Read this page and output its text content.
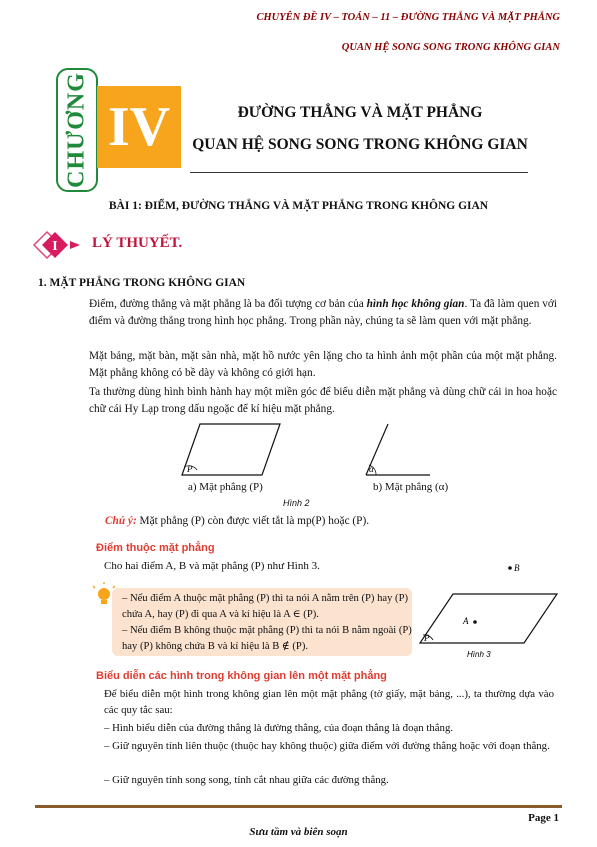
CHUYÊN ĐỀ IV – TOÁN – 11 – ĐƯỜNG THẲNG VÀ MẶT PHẲNG
QUAN HỆ SONG SONG TRONG KHÔNG GIAN
CHƯƠNG IV	ĐƯỜNG THẲNG VÀ MẶT PHẲNG
QUAN HỆ SONG SONG TRONG KHÔNG GIAN
BÀI 1: ĐIỂM, ĐƯỜNG THẲNG VÀ MẶT PHẲNG TRONG KHÔNG GIAN
I LÝ THUYẾT.
1. MẶT PHẲNG TRONG KHÔNG GIAN
Điểm, đường thẳng và mặt phẳng là ba đối tượng cơ bản của hình học không gian. Ta đã làm quen với điểm và đường thẳng trong hình học phẳng. Trong phần này, chúng ta sẽ làm quen với mặt phẳng.
Mặt bảng, mặt bàn, mặt sàn nhà, mặt hồ nước yên lặng cho ta hình ảnh một phần của một mặt phẳng. Mặt phẳng không có bề dày và không có giới hạn.
Ta thường dùng hình bình hành hay một miền góc để biểu diễn mặt phẳng và dùng chữ cái in hoa hoặc chữ cái Hy Lạp trong dấu ngoặc để kí hiệu mặt phẳng.
P	α
a) Mặt phẳng (P)	b) Mặt phẳng (α)
Hình 2
Chú ý: Mặt phẳng (P) còn được viết tắt là mp(P) hoặc (P).
Điểm thuộc mặt phẳng
Cho hai điểm A, B và mặt phẳng (P) như Hình 3.
– Nếu điểm A thuộc mặt phẳng (P) thì ta nói A nằm trên (P) hay (P) chứa A, hay (P) đi qua A và kí hiệu là A ∈ (P).
– Nếu điểm B không thuộc mặt phẳng (P) thì ta nói B nằm ngoài (P) hay (P) không chứa B và kí hiệu là B ∉ (P).
P
A
B
Hình 3
Biểu diễn các hình trong không gian lên một mặt phẳng
Để biểu diễn một hình trong không gian lên một mặt phẳng (tờ giấy, mặt bảng, ...), ta thường dựa vào các quy tắc sau:
– Hình biểu diễn của đường thẳng là đường thẳng, của đoạn thẳng là đoạn thẳng.
– Giữ nguyên tính liên thuộc (thuộc hay không thuộc) giữa điểm với đường thẳng hoặc với đoạn thẳng.
– Giữ nguyên tính song song, tính cắt nhau giữa các đường thẳng.
Page 1
Sưu tầm và biên soạn
